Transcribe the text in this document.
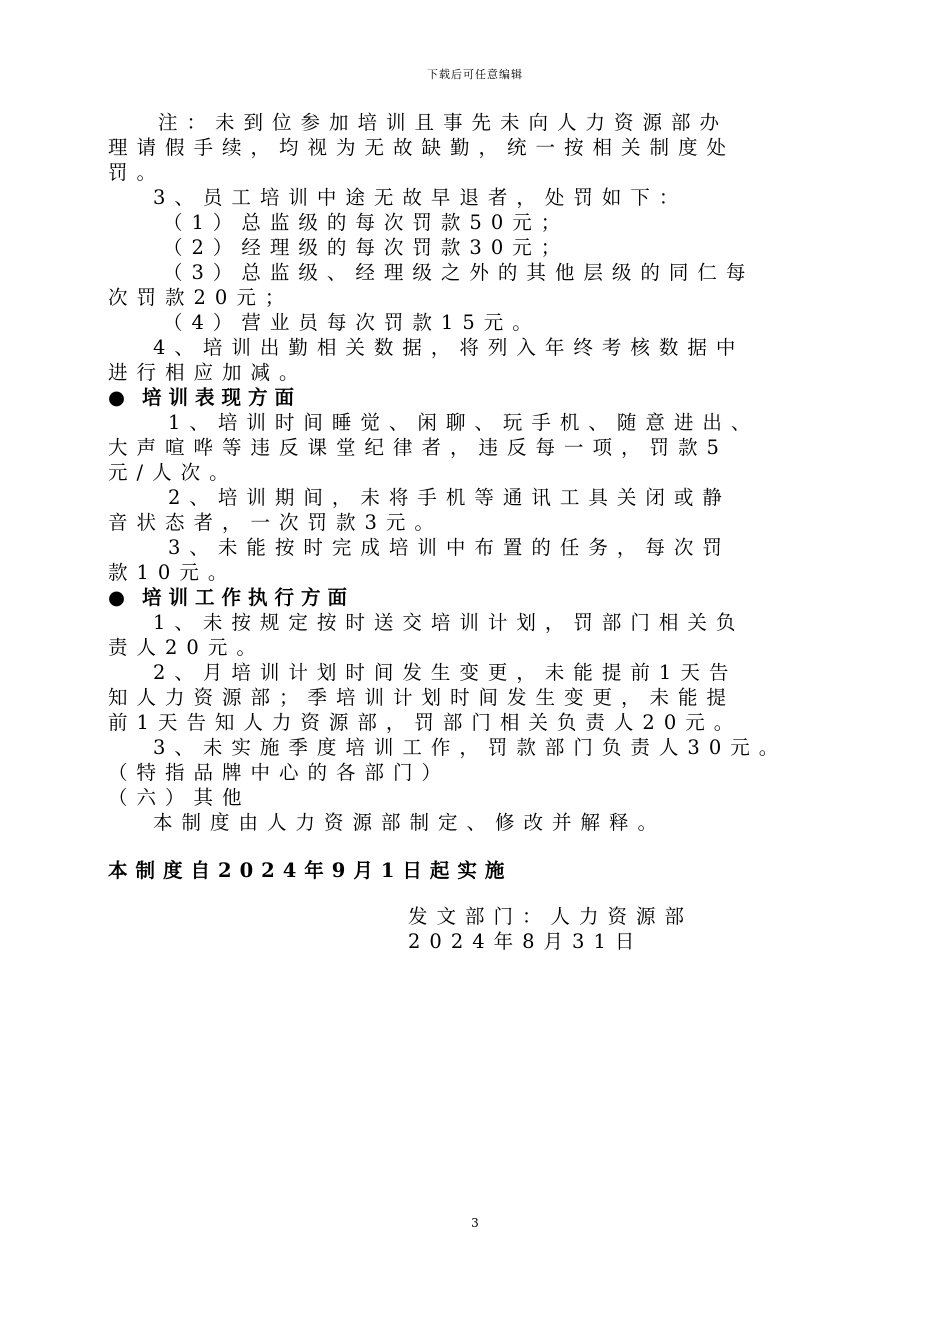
下载后可任意编辑
注：未到位参加培训且事先未向人力资源部办
理请假手续，均视为无故缺勤，统一按相关制度处
罚。
3、员工培训中途无故早退者，处罚如下：
（1）总监级的每次罚款50元；
（2）经理级的每次罚款30元；
（3）总监级、经理级之外的其他层级的同仁每
次罚款20元；
（4）营业员每次罚款15元。
4、培训出勤相关数据，将列入年终考核数据中
进行相应加减。
● 培训表现方面
1、培训时间睡觉、闲聊、玩手机、随意进出、
大声喧哗等违反课堂纪律者，违反每一项，罚款5
元/人次。
2、培训期间，未将手机等通讯工具关闭或静
音状态者，一次罚款3元。
3、未能按时完成培训中布置的任务，每次罚
款10元。
● 培训工作执行方面
1、未按规定按时送交培训计划，罚部门相关负
责人20元。
2、月培训计划时间发生变更，未能提前1天告
知人力资源部；季培训计划时间发生变更，未能提
前1天告知人力资源部，罚部门相关负责人20元。
3、未实施季度培训工作，罚款部门负责人30元。
（特指品牌中心的各部门）
（六）其他
本制度由人力资源部制定、修改并解释。
本制度自2024年9月1日起实施
发文部门：人力资源部
2024年8月31日
3
